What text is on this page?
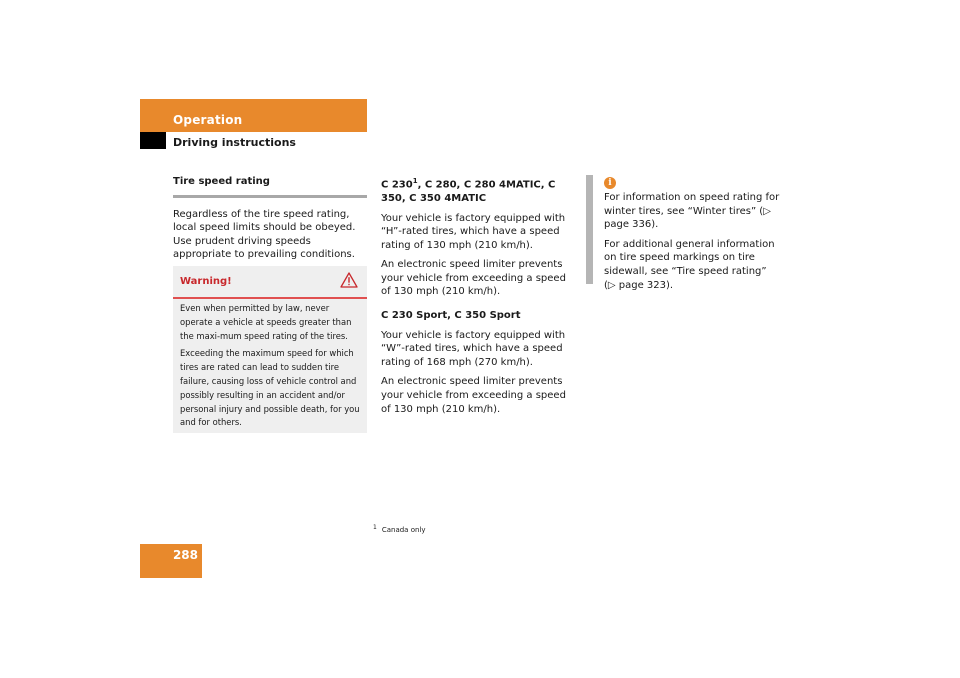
Operation
Driving instructions

Tire speed rating

Regardless of the tire speed rating, local speed limits should be obeyed. Use prudent driving speeds appropriate to prevailing conditions.

Warning!

Even when permitted by law, never operate a vehicle at speeds greater than the maxi-mum speed rating of the tires.

Exceeding the maximum speed for which tires are rated can lead to sudden tire failure, causing loss of vehicle control and possibly resulting in an accident and/or personal injury and possible death, for you and for others.

C $230^1$, C 280, C 280 4MATIC, C 350, C 350 4MATIC

Your vehicle is factory equipped with “H”-rated tires, which have a speed rating of 130 mph (210 km/h).

An electronic speed limiter prevents your vehicle from exceeding a speed of 130 mph (210 km/h).

C 230 Sport, C 350 Sport

Your vehicle is factory equipped with “W”-rated tires, which have a speed rating of 168 mph (270 km/h).

An electronic speed limiter prevents your vehicle from exceeding a speed of 130 mph (210 km/h).

i

For information on speed rating for winter tires, see “Winter tires” (▷ page 336).

For additional general information on tire speed markings on tire sidewall, see “Tire speed rating” (▷ page 323).

$^1$ Canada only
288
